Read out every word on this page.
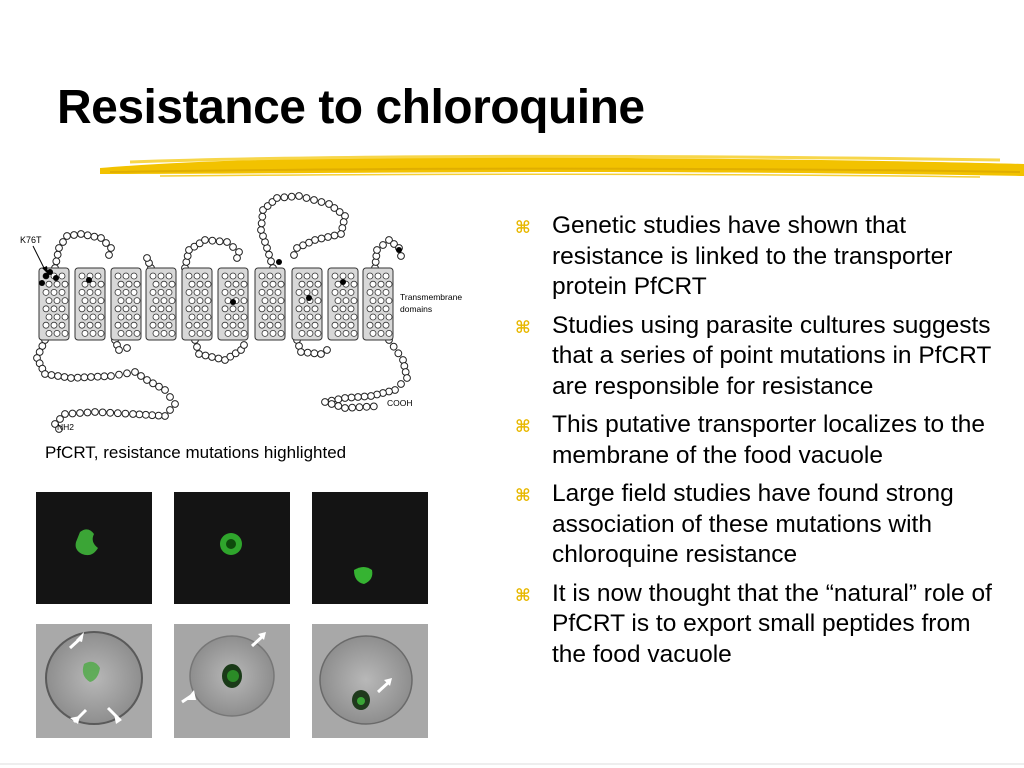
Resistance to chloroquine
K76T
Transmembrane
domains
COOH
NH2
PfCRT, resistance mutations highlighted
⌘ Genetic studies have shown that resistance is linked to the transporter protein PfCRT
⌘ Studies using parasite cultures suggests that a series of point mutations in PfCRT are responsible for resistance
⌘ This putative transporter localizes to the membrane of the food vacuole
⌘ Large field studies have found strong association of these mutations with chloroquine resistance
⌘ It is now thought that the “natural” role of PfCRT is to export small peptides from the food vacuole
